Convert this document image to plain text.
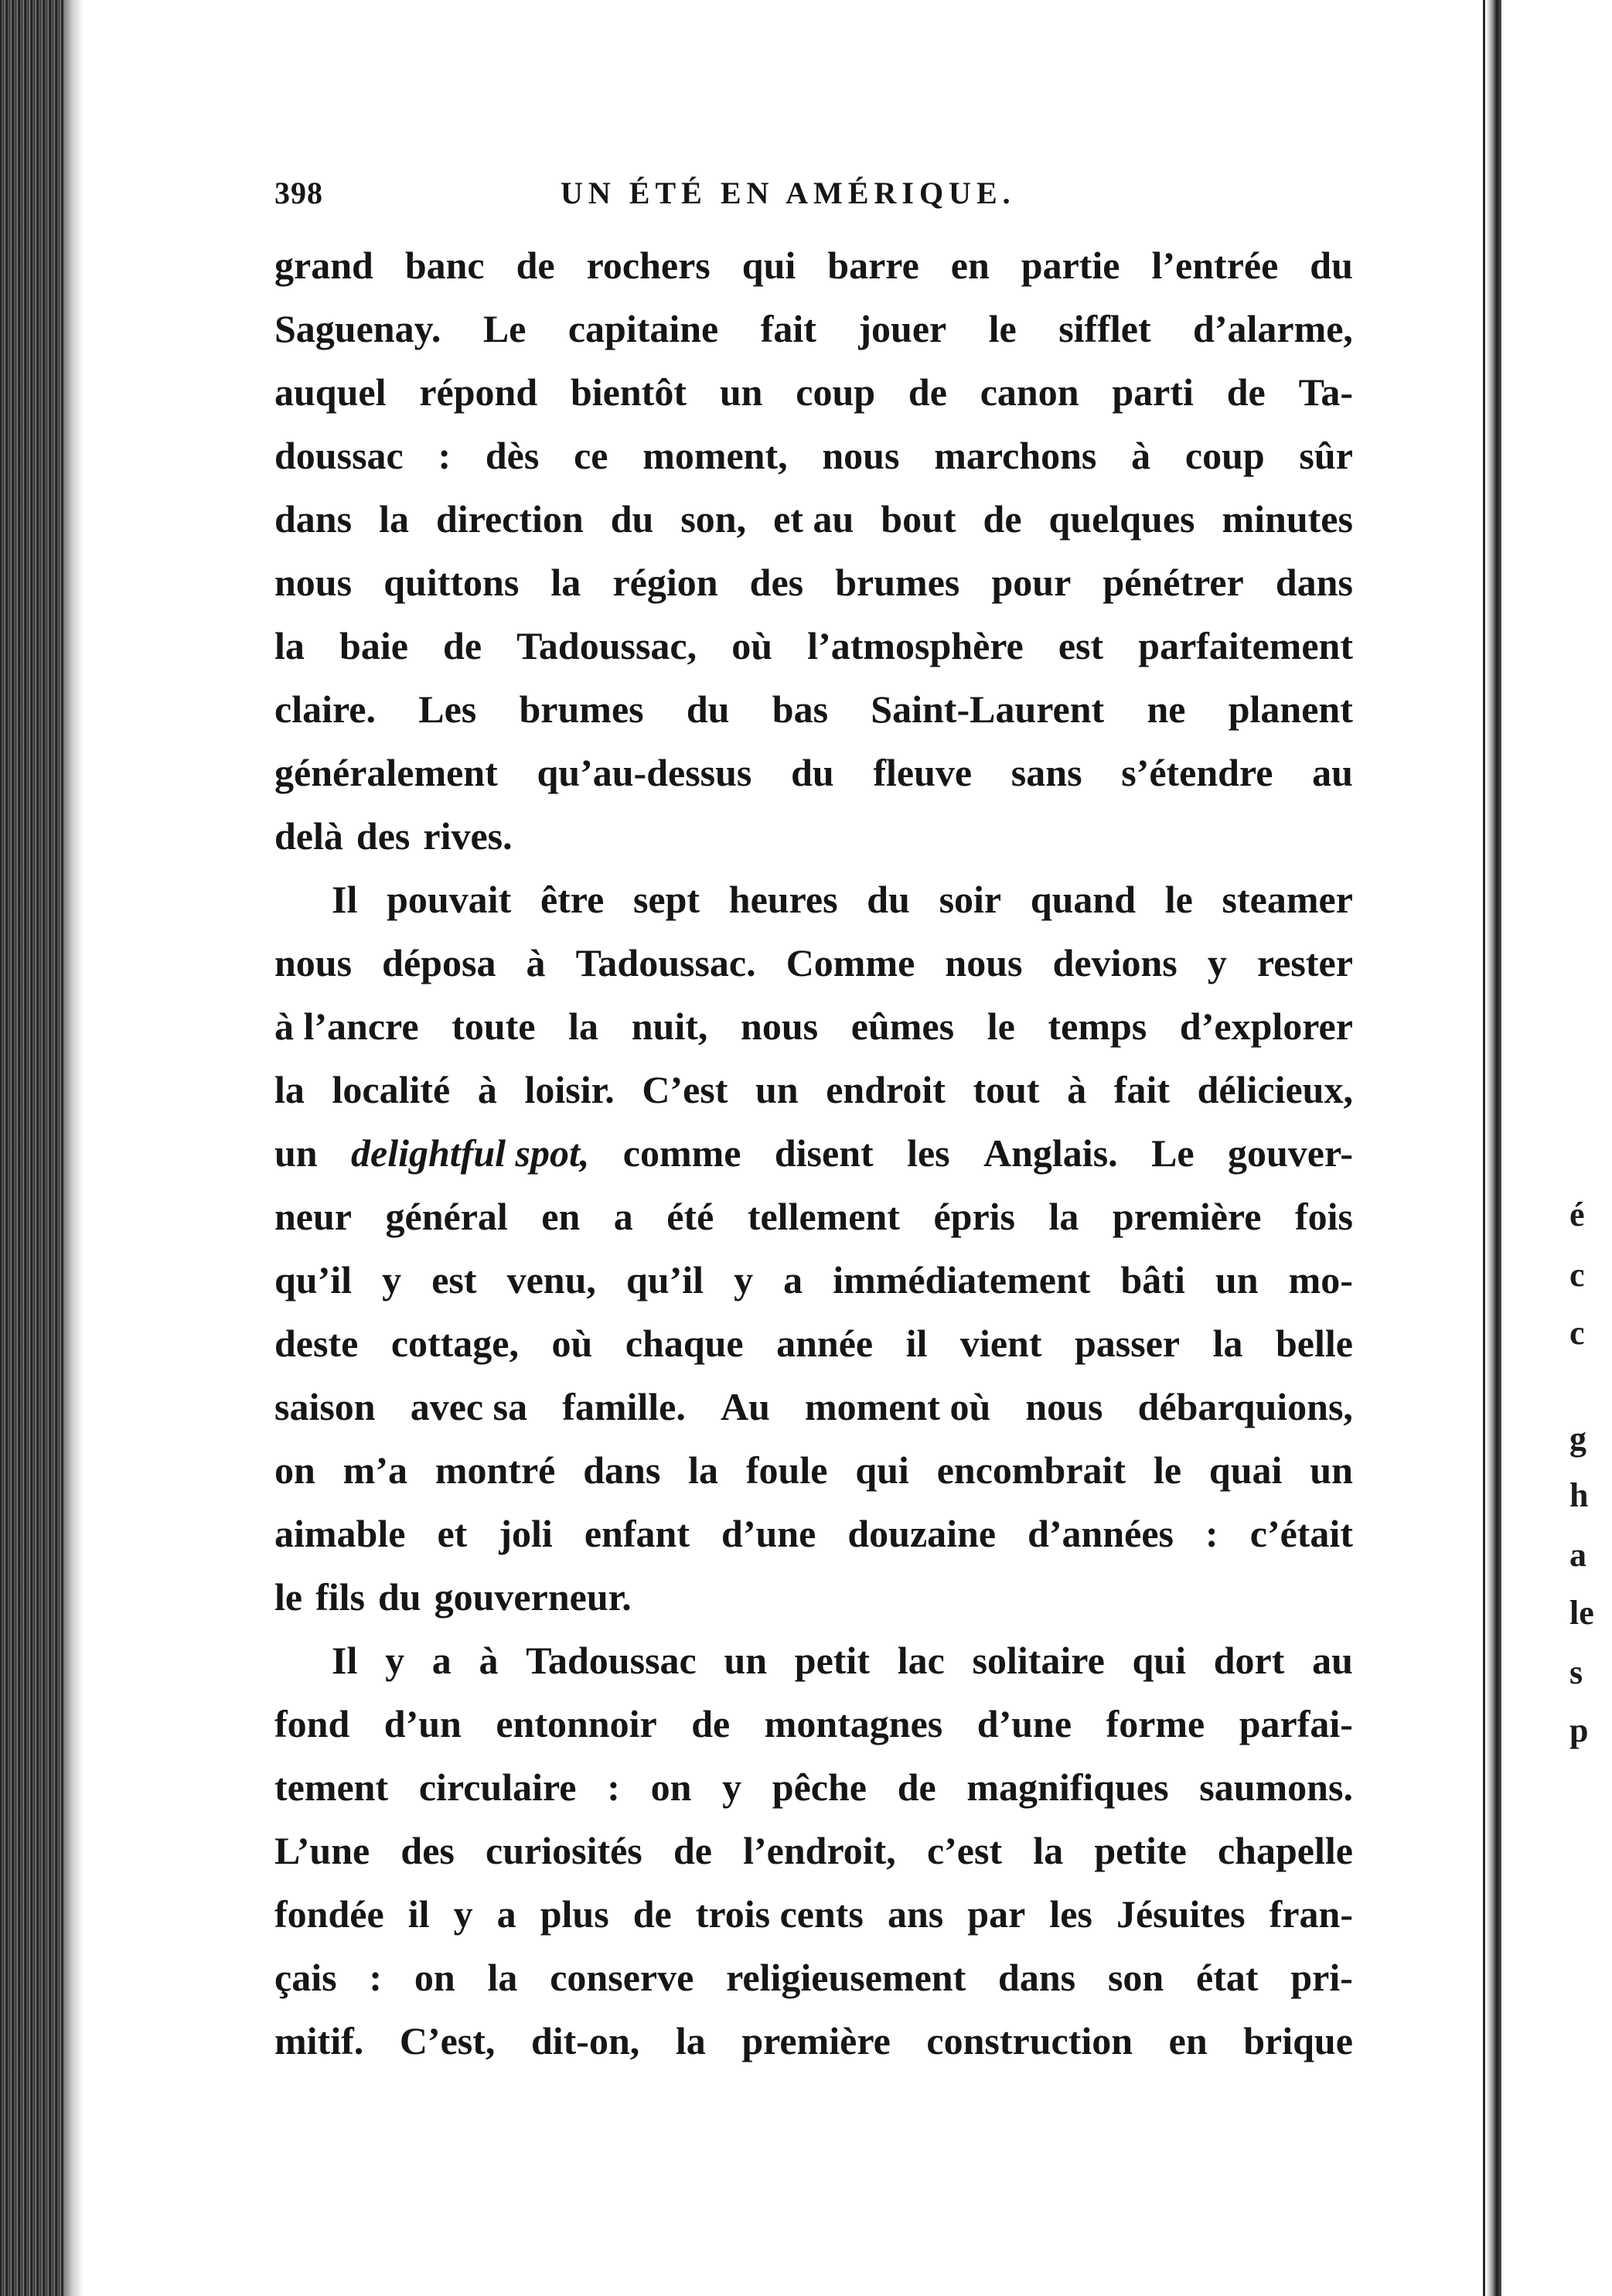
é
c
c
g
h
a
le
s
p
398	UN ÉTÉ EN AMÉRIQUE.
grand banc de rochers qui barre en partie l’entrée du
Saguenay. Le capitaine fait jouer le sifflet d’alarme,
auquel répond bientôt un coup de canon parti de Ta-
doussac : dès ce moment, nous marchons à coup sûr
dans la direction du son, et au bout de quelques minutes
nous quittons la région des brumes pour pénétrer dans
la baie de Tadoussac, où l’atmosphère est parfaitement
claire. Les brumes du bas Saint-Laurent ne planent
généralement qu’au-dessus du fleuve sans s’étendre au
delà des rives.
Il pouvait être sept heures du soir quand le steamer
nous déposa à Tadoussac. Comme nous devions y rester
à l’ancre toute la nuit, nous eûmes le temps d’explorer
la localité à loisir. C’est un endroit tout à fait délicieux,
un delightful spot, comme disent les Anglais. Le gouver-
neur général en a été tellement épris la première fois
qu’il y est venu, qu’il y a immédiatement bâti un mo-
deste cottage, où chaque année il vient passer la belle
saison avec sa famille. Au moment où nous débarquions,
on m’a montré dans la foule qui encombrait le quai un
aimable et joli enfant d’une douzaine d’années : c’était
le fils du gouverneur.
Il y a à Tadoussac un petit lac solitaire qui dort au
fond d’un entonnoir de montagnes d’une forme parfai-
tement circulaire : on y pêche de magnifiques saumons.
L’une des curiosités de l’endroit, c’est la petite chapelle
fondée il y a plus de trois cents ans par les Jésuites fran-
çais : on la conserve religieusement dans son état pri-
mitif. C’est, dit-on, la première construction en brique
